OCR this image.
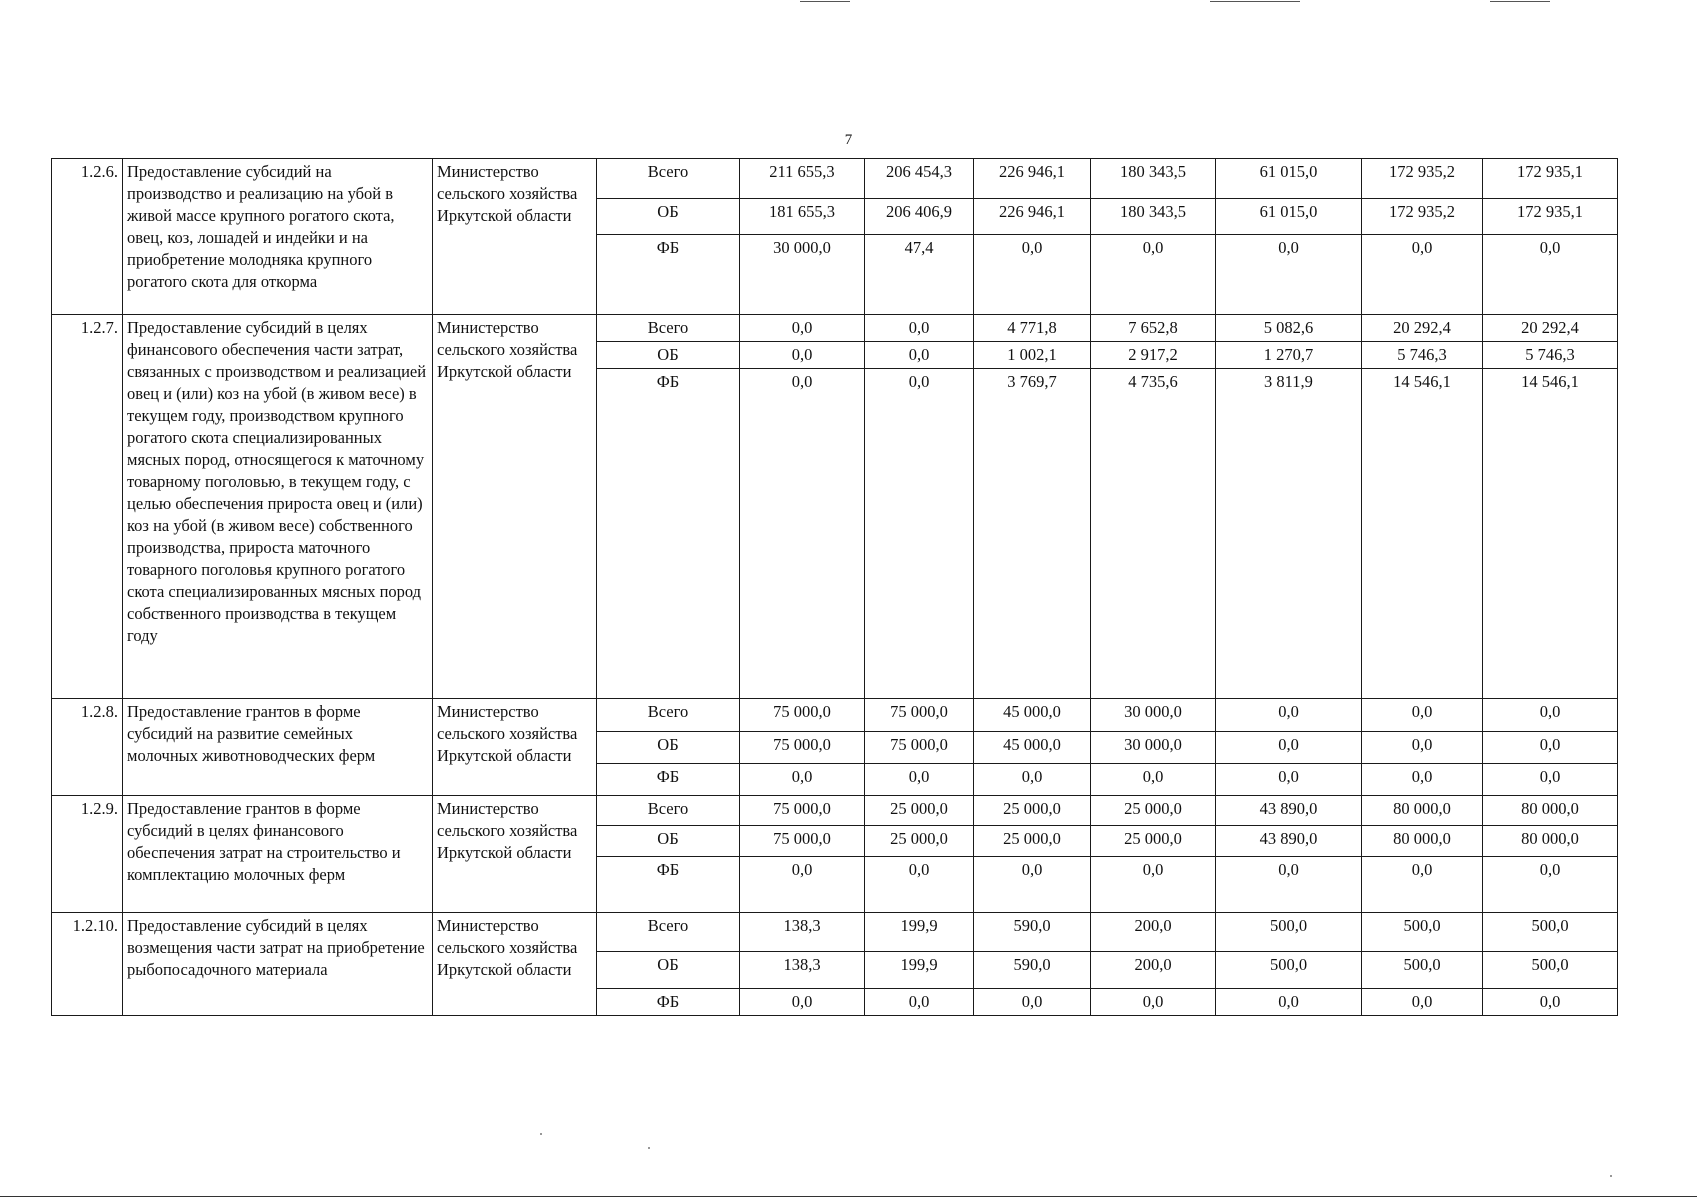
7
1.2.6.	Предоставление субсидий на производство и реализацию на убой в живой массе крупного рогатого скота, овец, коз, лошадей и индейки и на приобретение молодняка крупного рогатого скота для откорма	Министерство сельского хозяйства Иркутской области	Всего	211 655,3	206 454,3	226 946,1	180 343,5	61 015,0	172 935,2	172 935,1
			ОБ	181 655,3	206 406,9	226 946,1	180 343,5	61 015,0	172 935,2	172 935,1
			ФБ	30 000,0	47,4	0,0	0,0	0,0	0,0	0,0
1.2.7.	Предоставление субсидий в целях финансового обеспечения части затрат, связанных с производством и реализацией овец и (или) коз на убой (в живом весе) в текущем году, производством крупного рогатого скота специализированных мясных пород, относящегося к маточному товарному поголовью, в текущем году, с целью обеспечения прироста овец и (или) коз на убой (в живом весе) собственного производства, прироста маточного товарного поголовья крупного рогатого скота специализированных мясных пород собственного производства в текущем году	Министерство сельского хозяйства Иркутской области	Всего	0,0	0,0	4 771,8	7 652,8	5 082,6	20 292,4	20 292,4
			ОБ	0,0	0,0	1 002,1	2 917,2	1 270,7	5 746,3	5 746,3
			ФБ	0,0	0,0	3 769,7	4 735,6	3 811,9	14 546,1	14 546,1
1.2.8.	Предоставление грантов в форме субсидий на развитие семейных молочных животноводческих ферм	Министерство сельского хозяйства Иркутской области	Всего	75 000,0	75 000,0	45 000,0	30 000,0	0,0	0,0	0,0
			ОБ	75 000,0	75 000,0	45 000,0	30 000,0	0,0	0,0	0,0
			ФБ	0,0	0,0	0,0	0,0	0,0	0,0	0,0
1.2.9.	Предоставление грантов в форме субсидий в целях финансового обеспечения затрат на строительство и комплектацию молочных ферм	Министерство сельского хозяйства Иркутской области	Всего	75 000,0	25 000,0	25 000,0	25 000,0	43 890,0	80 000,0	80 000,0
			ОБ	75 000,0	25 000,0	25 000,0	25 000,0	43 890,0	80 000,0	80 000,0
			ФБ	0,0	0,0	0,0	0,0	0,0	0,0	0,0
1.2.10.	Предоставление субсидий в целях возмещения части затрат на приобретение рыбопосадочного материала	Министерство сельского хозяйства Иркутской области	Всего	138,3	199,9	590,0	200,0	500,0	500,0	500,0
			ОБ	138,3	199,9	590,0	200,0	500,0	500,0	500,0
			ФБ	0,0	0,0	0,0	0,0	0,0	0,0	0,0
